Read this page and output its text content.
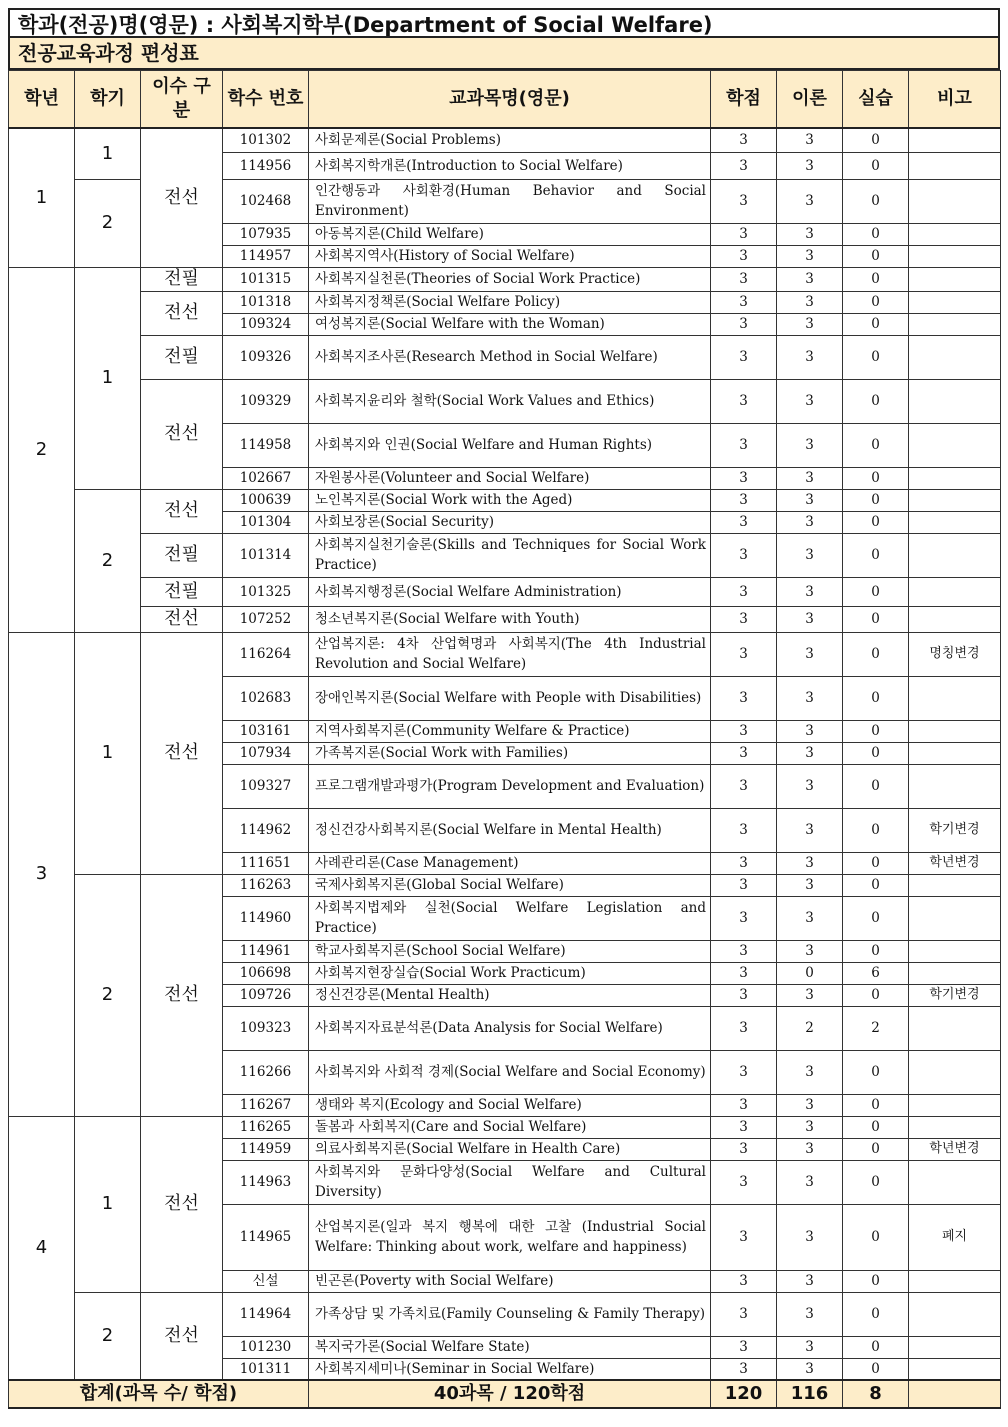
학과(전공)명(영문) : 사회복지학부(Department of Social Welfare)
전공교육과정 편성표
학년	학기	이수 구분	학수 번호	교과목명(영문)	학점	이론	실습	비고
1	1	전선	101302	사회문제론(Social Problems)	3	3	0	
			114956	사회복지학개론(Introduction to Social Welfare)	3	3	0	
	2		102468	인간행동과 사회환경(Human Behavior and Social Environment)	3	3	0	
			107935	아동복지론(Child Welfare)	3	3	0	
			114957	사회복지역사(History of Social Welfare)	3	3	0	
2	1	전필	101315	사회복지실천론(Theories of Social Work Practice)	3	3	0	
		전선	101318	사회복지정책론(Social Welfare Policy)	3	3	0	
			109324	여성복지론(Social Welfare with the Woman)	3	3	0	
		전필	109326	사회복지조사론(Research Method in Social Welfare)	3	3	0	
		전선	109329	사회복지윤리와 철학(Social Work Values and Ethics)	3	3	0	
			114958	사회복지와 인권(Social Welfare and Human Rights)	3	3	0	
			102667	자원봉사론(Volunteer and Social Welfare)	3	3	0	
	2	전선	100639	노인복지론(Social Work with the Aged)	3	3	0	
			101304	사회보장론(Social Security)	3	3	0	
		전필	101314	사회복지실천기술론(Skills and Techniques for Social Work Practice)	3	3	0	
		전필	101325	사회복지행정론(Social Welfare Administration)	3	3	0	
		전선	107252	청소년복지론(Social Welfare with Youth)	3	3	0	
3	1	전선	116264	산업복지론: 4차 산업혁명과 사회복지(The 4th Industrial Revolution and Social Welfare)	3	3	0	명칭변경
			102683	장애인복지론(Social Welfare with People with Disabilities)	3	3	0	
			103161	지역사회복지론(Community Welfare & Practice)	3	3	0	
			107934	가족복지론(Social Work with Families)	3	3	0	
			109327	프로그램개발과평가(Program Development and Evaluation)	3	3	0	
			114962	정신건강사회복지론(Social Welfare in Mental Health)	3	3	0	학기변경
			111651	사례관리론(Case Management)	3	3	0	학년변경
	2	전선	116263	국제사회복지론(Global Social Welfare)	3	3	0	
			114960	사회복지법제와 실천(Social Welfare Legislation and Practice)	3	3	0	
			114961	학교사회복지론(School Social Welfare)	3	3	0	
			106698	사회복지현장실습(Social Work Practicum)	3	0	6	
			109726	정신건강론(Mental Health)	3	3	0	학기변경
			109323	사회복지자료분석론(Data Analysis for Social Welfare)	3	2	2	
			116266	사회복지와 사회적 경제(Social Welfare and Social Economy)	3	3	0	
			116267	생태와 복지(Ecology and Social Welfare)	3	3	0	
4	1	전선	116265	돌봄과 사회복지(Care and Social Welfare)	3	3	0	
			114959	의료사회복지론(Social Welfare in Health Care)	3	3	0	학년변경
			114963	사회복지와 문화다양성(Social Welfare and Cultural Diversity)	3	3	0	
			114965	산업복지론(일과 복지 행복에 대한 고찰 (Industrial Social Welfare: Thinking about work, welfare and happiness)	3	3	0	폐지
			신설	빈곤론(Poverty with Social Welfare)	3	3	0	
	2	전선	114964	가족상담 및 가족치료(Family Counseling & Family Therapy)	3	3	0	
			101230	복지국가론(Social Welfare State)	3	3	0	
			101311	사회복지세미나(Seminar in Social Welfare)	3	3	0	
합계(과목 수/ 학점)				40과목 / 120학점	120	116	8	
